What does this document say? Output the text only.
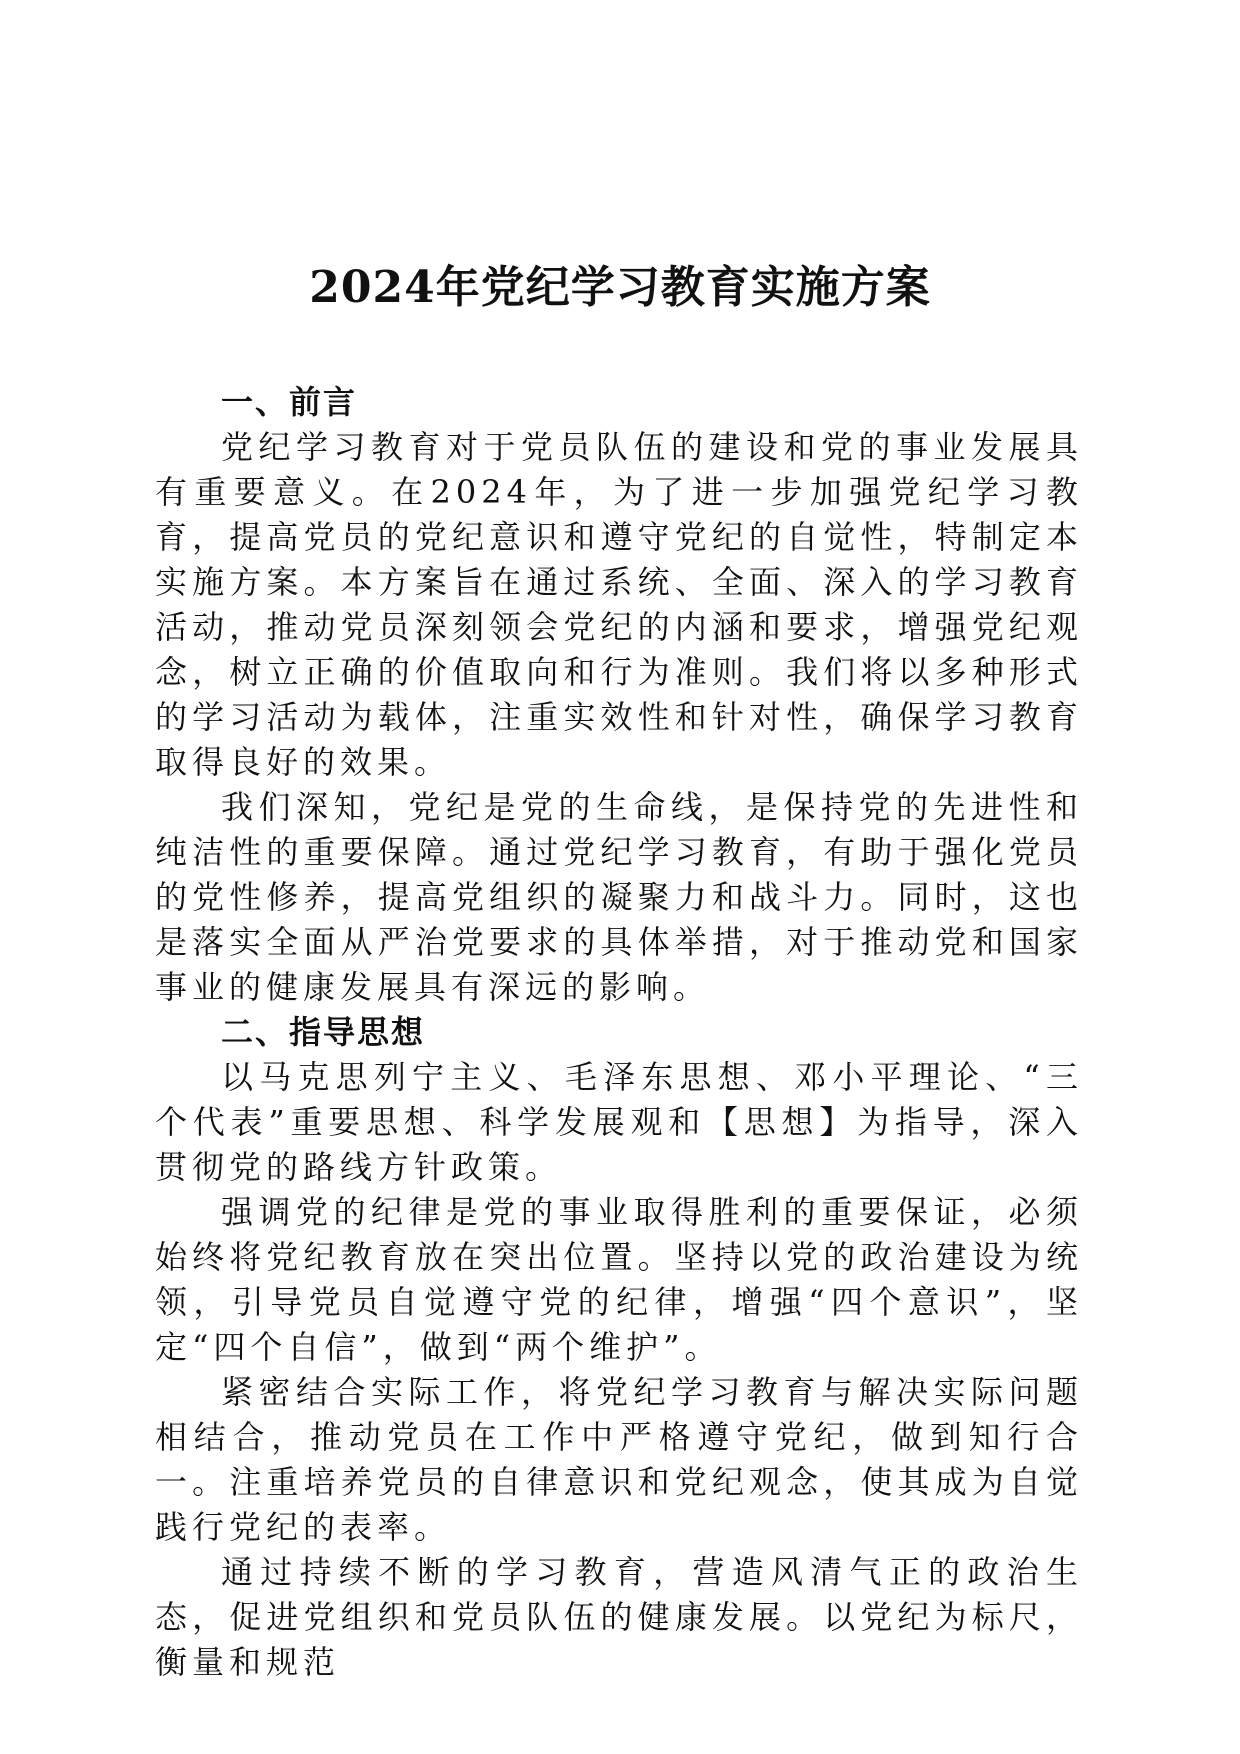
2024年党纪学习教育实施方案
一、前言

党纪学习教育对于党员队伍的建设和党的事业发展具有重要意义。在2024年，为了进一步加强党纪学习教育，提高党员的党纪意识和遵守党纪的自觉性，特制定本实施方案。本方案旨在通过系统、全面、深入的学习教育活动，推动党员深刻领会党纪的内涵和要求，增强党纪观念，树立正确的价值取向和行为准则。我们将以多种形式的学习活动为载体，注重实效性和针对性，确保学习教育取得良好的效果。

我们深知，党纪是党的生命线，是保持党的先进性和纯洁性的重要保障。通过党纪学习教育，有助于强化党员的党性修养，提高党组织的凝聚力和战斗力。同时，这也是落实全面从严治党要求的具体举措，对于推动党和国家事业的健康发展具有深远的影响。

二、指导思想

以马克思列宁主义、毛泽东思想、邓小平理论、“三个代表”重要思想、科学发展观和【思想】为指导，深入贯彻党的路线方针政策。

强调党的纪律是党的事业取得胜利的重要保证，必须始终将党纪教育放在突出位置。坚持以党的政治建设为统领，引导党员自觉遵守党的纪律，增强“四个意识”，坚定“四个自信”，做到“两个维护”。

紧密结合实际工作，将党纪学习教育与解决实际问题相结合，推动党员在工作中严格遵守党纪，做到知行合一。注重培养党员的自律意识和党纪观念，使其成为自觉践行党纪的表率。

通过持续不断的学习教育，营造风清气正的政治生态，促进党组织和党员队伍的健康发展。以党纪为标尺，衡量和规范
